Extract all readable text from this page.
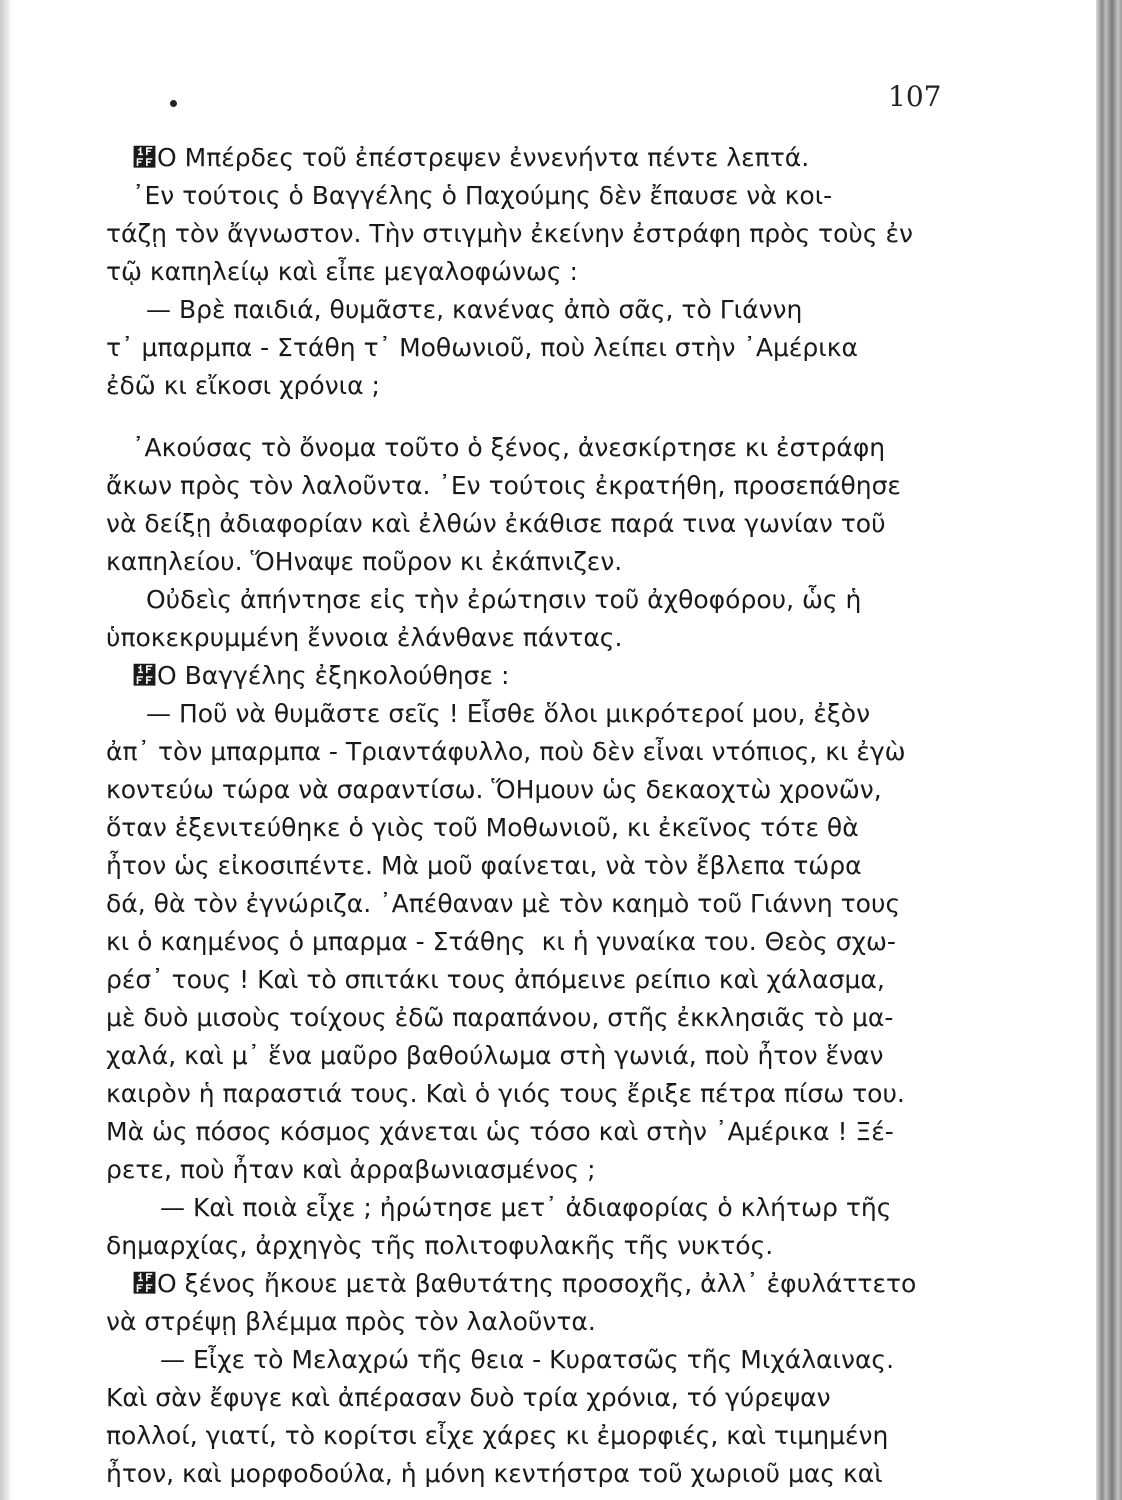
107
῿Ο Μπέρδες τοῦ ἐπέστρεψεν ἐννενήντα πέντε λεπτά.
᾿Εν τούτοις ὁ Βαγγέλης ὁ Παχούμης δὲν ἔπαυσε νὰ κοι-
τάζῃ τὸν ἄγνωστον. Τὴν στιγμὴν ἐκείνην ἐστράφη πρὸς τοὺς ἐν
τῷ καπηλείῳ καὶ εἶπε μεγαλοφώνως :
— Βρὲ παιδιά, θυμᾶστε, κανένας ἀπὸ σᾶς, τὸ Γιάννη
τ᾽ μπαρμπα - Στάθη τ᾽ Μοθωνιοῦ, ποὺ λείπει στὴν ᾿Αμέρικα
ἐδῶ κι εἴκοσι χρόνια ;
᾿Ακούσας τὸ ὄνομα τοῦτο ὁ ξένος, ἀνεσκίρτησε κι ἐστράφη
ἄκων πρὸς τὸν λαλοῦντα. ᾿Εν τούτοις ἐκρατήθη, προσεπάθησε
νὰ δείξῃ ἀδιαφορίαν καὶ ἐλθών ἐκάθισε παρά τινα γωνίαν τοῦ
καπηλείου. ὍΗναψε ποῦρον κι ἐκάπνιζεν.
Οὐδεὶς ἀπήντησε εἰς τὴν ἐρώτησιν τοῦ ἀχθοφόρου, ὧς ἡ
ὑποκεκρυμμένη ἔννοια ἐλάνθανε πάντας.
῿Ο Βαγγέλης ἐξηκολούθησε :
— Ποῦ νὰ θυμᾶστε σεῖς ! Εἷσθε ὅλοι μικρότεροί μου, ἐξὸν
ἀπ᾽ τὸν μπαρμπα - Τριαντάφυλλο, ποὺ δὲν εἶναι ντόπιος, κι ἐγὼ
κοντεύω τώρα νὰ σαραντίσω. ὍΗμουν ὡς δεκαοχτὼ χρονῶν,
ὅταν ἐξενιτεύθηκε ὁ γιὸς τοῦ Μοθωνιοῦ, κι ἐκεῖνος τότε θὰ
ἦτον ὡς εἰκοσιπέντε. Μὰ μοῦ φαίνεται, νὰ τὸν ἔβλεπα τώρα
δά, θὰ τὸν ἐγνώριζα. ᾿Απέθαναν μὲ τὸν καημὸ τοῦ Γιάννη τους
κι ὁ καημένος ὁ μπαρμα - Στάθης  κι ἡ γυναίκα του. Θεὸς σχω-
ρέσ᾽ τους ! Καὶ τὸ σπιτάκι τους ἀπόμεινε ρείπιο καὶ χάλασμα,
μὲ δυὸ μισοὺς τοίχους ἐδῶ παραπάνου, στῆς ἐκκλησιᾶς τὸ μα-
χαλά, καὶ μ᾽ ἕνα μαῦρο βαθούλωμα στὴ γωνιά, ποὺ ἦτον ἕναν
καιρὸν ἡ παραστιά τους. Καὶ ὁ γιός τους ἔριξε πέτρα πίσω του.
Μὰ ὡς πόσος κόσμος χάνεται ὡς τόσο καὶ στὴν ᾿Αμέρικα ! Ξέ-
ρετε, ποὺ ἦταν καὶ ἀρραβωνιασμένος ;
— Καὶ ποιὰ εἶχε ; ἠρώτησε μετ᾽ ἀδιαφορίας ὁ κλήτωρ τῆς
δημαρχίας, ἀρχηγὸς τῆς πολιτοφυλακῆς τῆς νυκτός.
῿Ο ξένος ἤκουε μετὰ βαθυτάτης προσοχῆς, ἀλλ᾽ ἐφυλάττετο
νὰ στρέψῃ βλέμμα πρὸς τὸν λαλοῦντα.
— Εἶχε τὸ Μελαχρώ τῆς θεια - Κυρατσῶς τῆς Μιχάλαινας.
Καὶ σὰν ἔφυγε καὶ ἀπέρασαν δυὸ τρία χρόνια, τό γύρεψαν
πολλοί, γιατί, τὸ κορίτσι εἶχε χάρες κι ἐμορφιές, καὶ τιμημένη
ἦτον, καὶ μορφοδούλα, ἡ μόνη κεντήστρα τοῦ χωριοῦ μας καὶ
